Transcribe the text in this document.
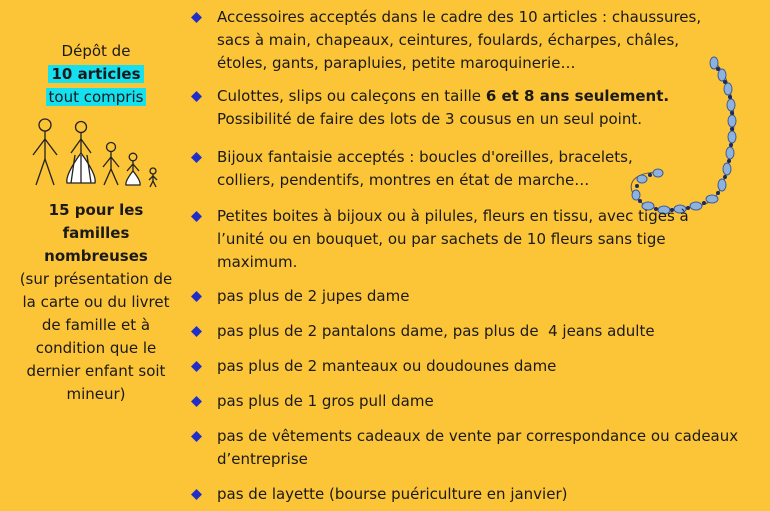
Dépôt de
10 articles
tout compris
15 pour les familles nombreuses
(sur présentation de la carte ou du livret de famille et à condition que le dernier enfant soit mineur)
Accessoires acceptés dans le cadre des 10 articles : chaussures, sacs à main, chapeaux, ceintures, foulards, écharpes, châles, étoles, gants, parapluies, petite maroquinerie…
Culottes, slips ou caleçons en taille 6 et 8 ans seulement. Possibilité de faire des lots de 3 cousus en un seul point.
Bijoux fantaisie acceptés : boucles d'oreilles, bracelets, colliers, pendentifs, montres en état de marche…
Petites boites à bijoux ou à pilules, fleurs en tissu, avec tiges à l’unité ou en bouquet, ou par sachets de 10 fleurs sans tige maximum.
pas plus de 2 jupes dame
pas plus de 2 pantalons dame, pas plus de  4 jeans adulte
pas plus de 2 manteaux ou doudounes dame
pas plus de 1 gros pull dame
pas de vêtements cadeaux de vente par correspondance ou cadeaux d’entreprise
pas de layette (bourse puériculture en janvier)
